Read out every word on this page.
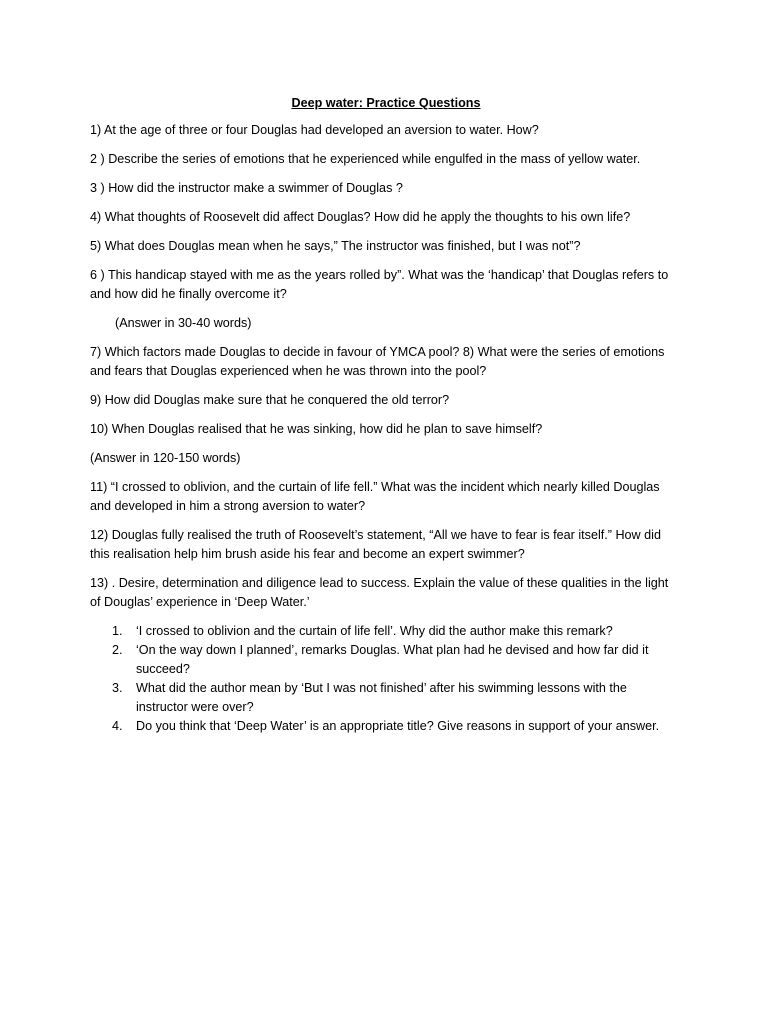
Deep water: Practice Questions

1) At the age of three or four Douglas had developed an aversion to water. How?

2 ) Describe the series of emotions that he experienced while engulfed in the mass of yellow water.

3 ) How did the instructor make a swimmer of Douglas ?

4) What thoughts of Roosevelt did affect Douglas? How did he apply the thoughts to his own life?

5) What does Douglas mean when he says,” The instructor was finished, but I was not”?

6 ) This handicap stayed with me as the years rolled by”. What was the ‘handicap’ that Douglas refers to and how did he finally overcome it?

(Answer in 30-40 words)

7) Which factors made Douglas to decide in favour of YMCA pool? 8) What were the series of emotions and fears that Douglas experienced when he was thrown into the pool?

9) How did Douglas make sure that he conquered the old terror?

10) When Douglas realised that he was sinking, how did he plan to save himself?

(Answer in 120-150 words)

11) “I crossed to oblivion, and the curtain of life fell.” What was the incident which nearly killed Douglas and developed in him a strong aversion to water?

12) Douglas fully realised the truth of Roosevelt’s statement, “All we have to fear is fear itself.” How did this realisation help him brush aside his fear and become an expert swimmer?

13) . Desire, determination and diligence lead to success. Explain the value of these qualities in the light of Douglas’ experience in ‘Deep Water.’

1. ‘I crossed to oblivion and the curtain of life fell’. Why did the author make this remark?
2. ‘On the way down I planned’, remarks Douglas. What plan had he devised and how far did it succeed?
3. What did the author mean by ‘But I was not finished’ after his swimming lessons with the instructor were over?
4. Do you think that ‘Deep Water’ is an appropriate title? Give reasons in support of your answer.
